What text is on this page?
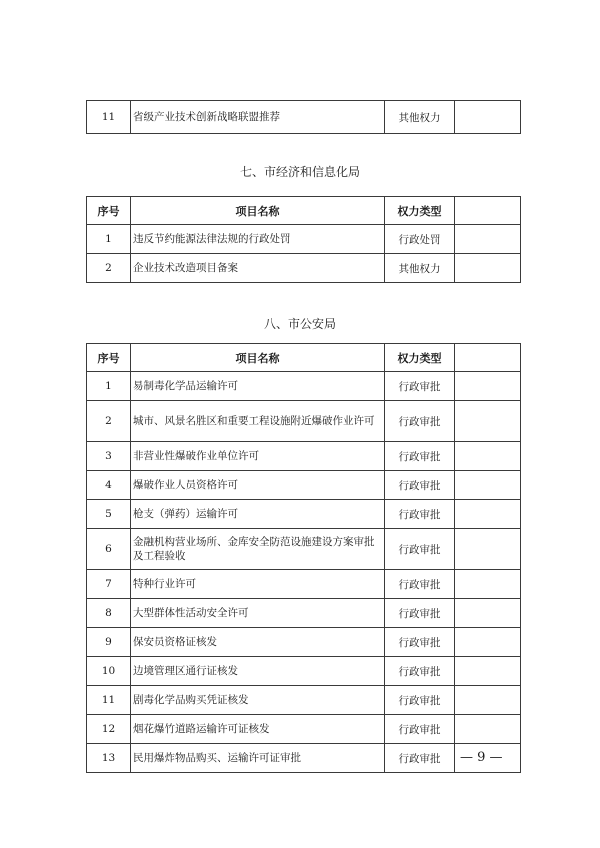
11	省级产业技术创新战略联盟推荐	其他权力	
七、市经济和信息化局
序号	项目名称	权力类型	
1	违反节约能源法律法规的行政处罚	行政处罚	
2	企业技术改造项目备案	其他权力	
八、市公安局
序号	项目名称	权力类型	
1	易制毒化学品运输许可	行政审批	
2	城市、风景名胜区和重要工程设施附近爆破作业许可	行政审批	
3	非营业性爆破作业单位许可	行政审批	
4	爆破作业人员资格许可	行政审批	
5	枪支（弹药）运输许可	行政审批	
6	金融机构营业场所、金库安全防范设施建设方案审批及工程验收	行政审批	
7	特种行业许可	行政审批	
8	大型群体性活动安全许可	行政审批	
9	保安员资格证核发	行政审批	
10	边境管理区通行证核发	行政审批	
11	剧毒化学品购买凭证核发	行政审批	
12	烟花爆竹道路运输许可证核发	行政审批	
13	民用爆炸物品购买、运输许可证审批	行政审批	— 9 —
